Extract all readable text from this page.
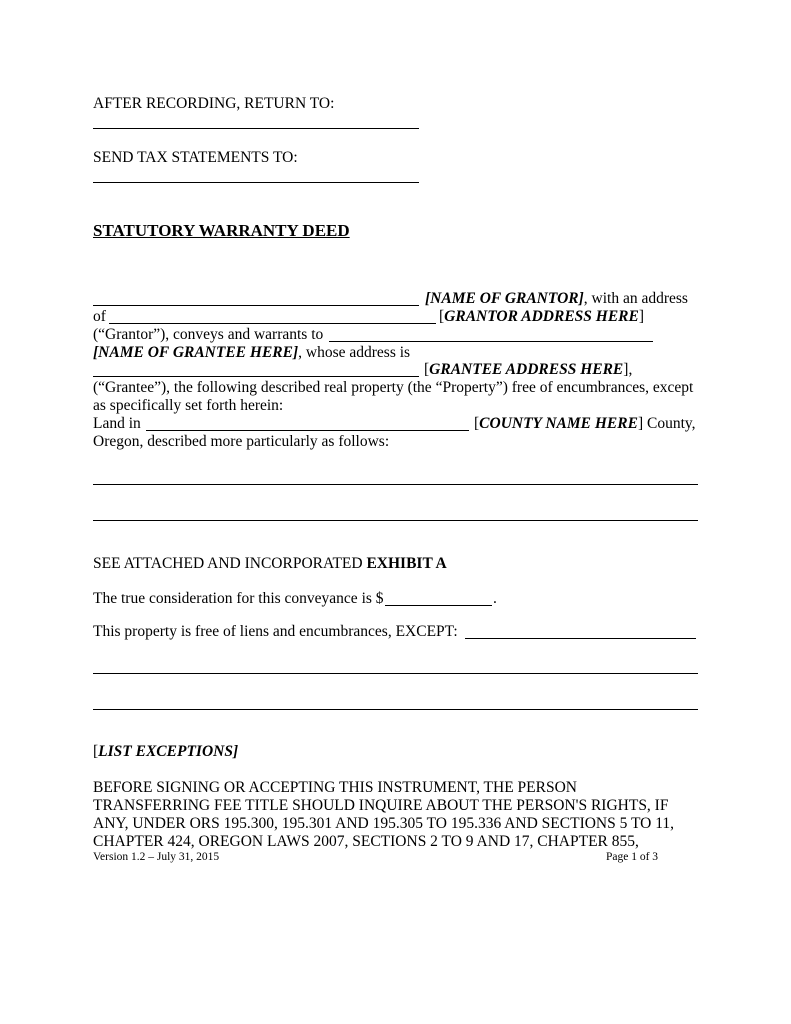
AFTER RECORDING, RETURN TO:
SEND TAX STATEMENTS TO:
STATUTORY WARRANTY DEED
[NAME OF GRANTOR], with an address
of	[GRANTOR ADDRESS HERE]
(“Grantor”), conveys and warrants to
[NAME OF GRANTEE HERE], whose address is
[GRANTEE ADDRESS HERE],
(“Grantee”), the following described real property (the “Property”) free of encumbrances, except
as specifically set forth herein:
Land in	[COUNTY NAME HERE] County,
Oregon, described more particularly as follows:
SEE ATTACHED AND INCORPORATED EXHIBIT A
The true consideration for this conveyance is $	.
This property is free of liens and encumbrances, EXCEPT:
[LIST EXCEPTIONS]
BEFORE SIGNING OR ACCEPTING THIS INSTRUMENT, THE PERSON
TRANSFERRING FEE TITLE SHOULD INQUIRE ABOUT THE PERSON'S RIGHTS, IF
ANY, UNDER ORS 195.300, 195.301 AND 195.305 TO 195.336 AND SECTIONS 5 TO 11,
CHAPTER 424, OREGON LAWS 2007, SECTIONS 2 TO 9 AND 17, CHAPTER 855,
Version 1.2 – July 31, 2015	Page 1 of 3
